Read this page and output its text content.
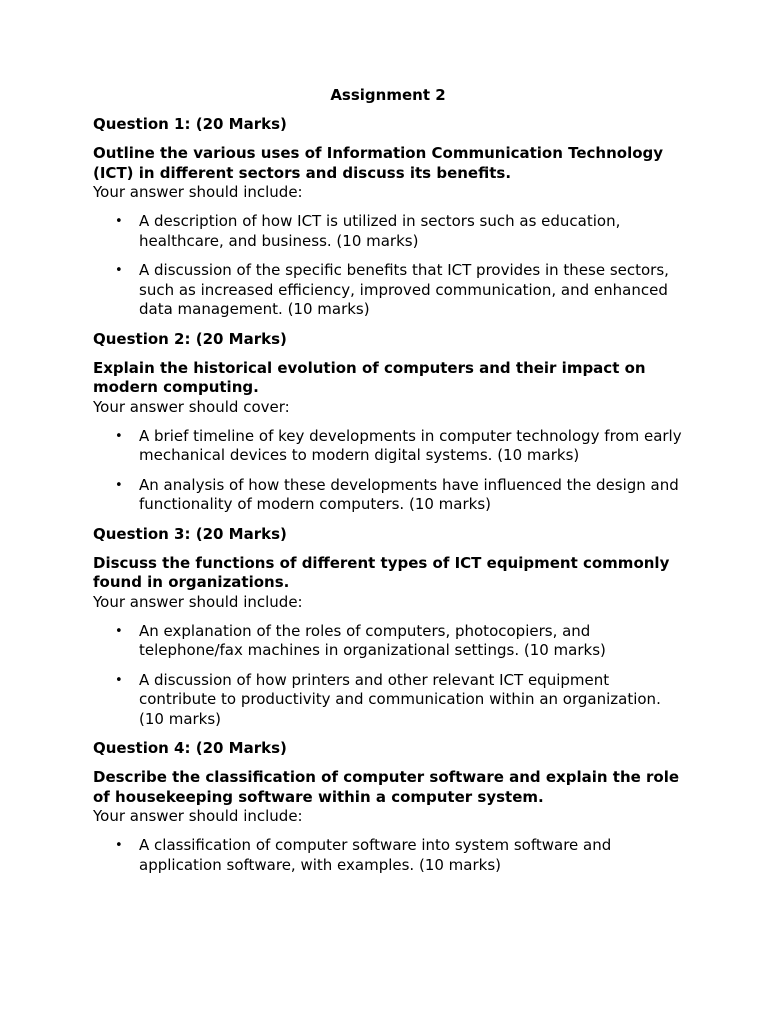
Assignment 2
Question 1: (20 Marks)
Outline the various uses of Information Communication Technology (ICT) in different sectors and discuss its benefits.
Your answer should include:
• A description of how ICT is utilized in sectors such as education, healthcare, and business. (10 marks)
• A discussion of the specific benefits that ICT provides in these sectors, such as increased efficiency, improved communication, and enhanced data management. (10 marks)
Question 2: (20 Marks)
Explain the historical evolution of computers and their impact on modern computing.
Your answer should cover:
• A brief timeline of key developments in computer technology from early mechanical devices to modern digital systems. (10 marks)
• An analysis of how these developments have influenced the design and functionality of modern computers. (10 marks)
Question 3: (20 Marks)
Discuss the functions of different types of ICT equipment commonly found in organizations.
Your answer should include:
• An explanation of the roles of computers, photocopiers, and telephone/fax machines in organizational settings. (10 marks)
• A discussion of how printers and other relevant ICT equipment contribute to productivity and communication within an organization. (10 marks)
Question 4: (20 Marks)
Describe the classification of computer software and explain the role of housekeeping software within a computer system.
Your answer should include:
• A classification of computer software into system software and application software, with examples. (10 marks)
